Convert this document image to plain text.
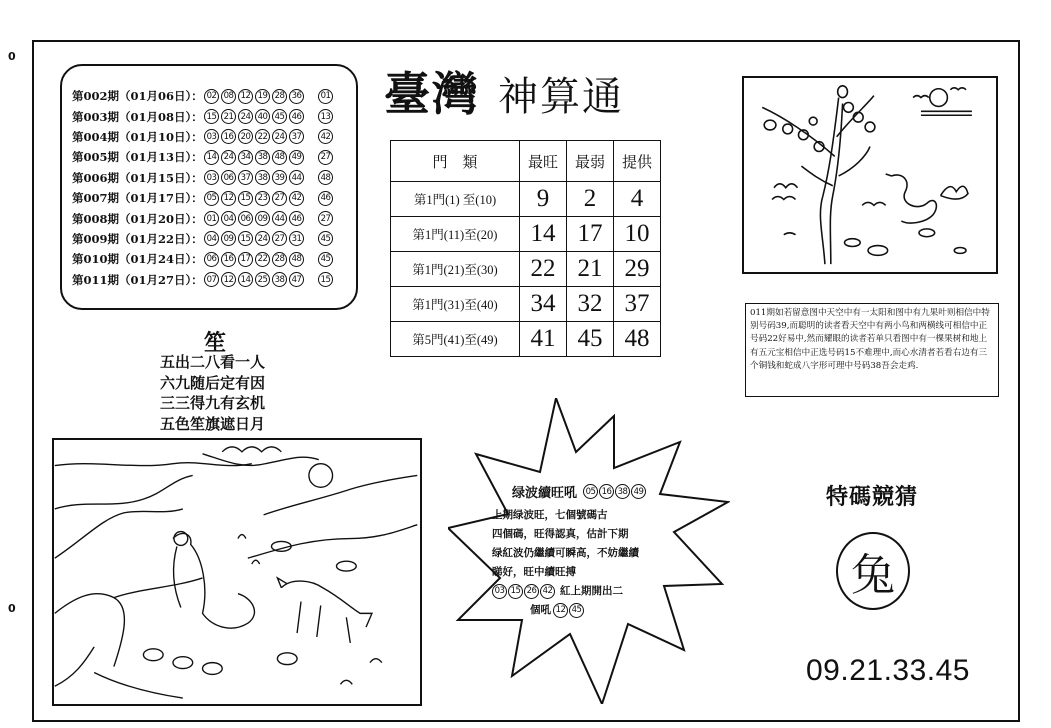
0
0
第002期（01月06日）： 02 08 12 19 28 36	01
第003期（01月08日）： 15 21 24 40 45 46	13
第004期（01月10日）： 03 16 20 22 24 37	42
第005期（01月13日）： 14 24 34 38 48 49	27
第006期（01月15日）： 03 06 37 38 39 44	48
第007期（01月17日）： 05 12 15 23 27 42	46
第008期（01月20日）： 01 04 06 09 44 46	27
第009期（01月22日）： 04 09 15 24 27 31	45
第010期（01月24日）： 06 16 17 22 28 48	45
第011期（01月27日）： 07 12 14 25 38 47	15
臺灣 神算通
門　類	最旺	最弱	提供
第1門(1) 至(10)	9	2	4
第1門(11)至(20)	14	17	10
第1門(21)至(30)	22	21	29
第1門(31)至(40)	34	32	37
第5門(41)至(49)	41	45	48
笙
五出二八看一人
六九随后定有因
三三得九有玄机
五色笙旗遮日月
011期如若留意图中天空中有一太阳和图中有九果叶则相信中特别号码39,而聪明的读者看天空中有两小鸟和两横线可相信中正号码22好易中,然而耀眼的读者若单只看图中有一棵果树和地上有五元宝相信中正选号码15不难理中,而心水清者若看右边有三个铜钱和蛇成八字形可理中号码38吾会走鸡.
绿波續旺吼	05 16 38 49
上期绿波旺，七個號碼古
四個碼，旺得認真，估計下期
绿紅波仍繼續可瞬高，不妨繼續
睇好，旺中續旺搏
03 15 26 42 紅上期開出二
個吼 12 45
特碼競猜
兔
09.21.33.45
